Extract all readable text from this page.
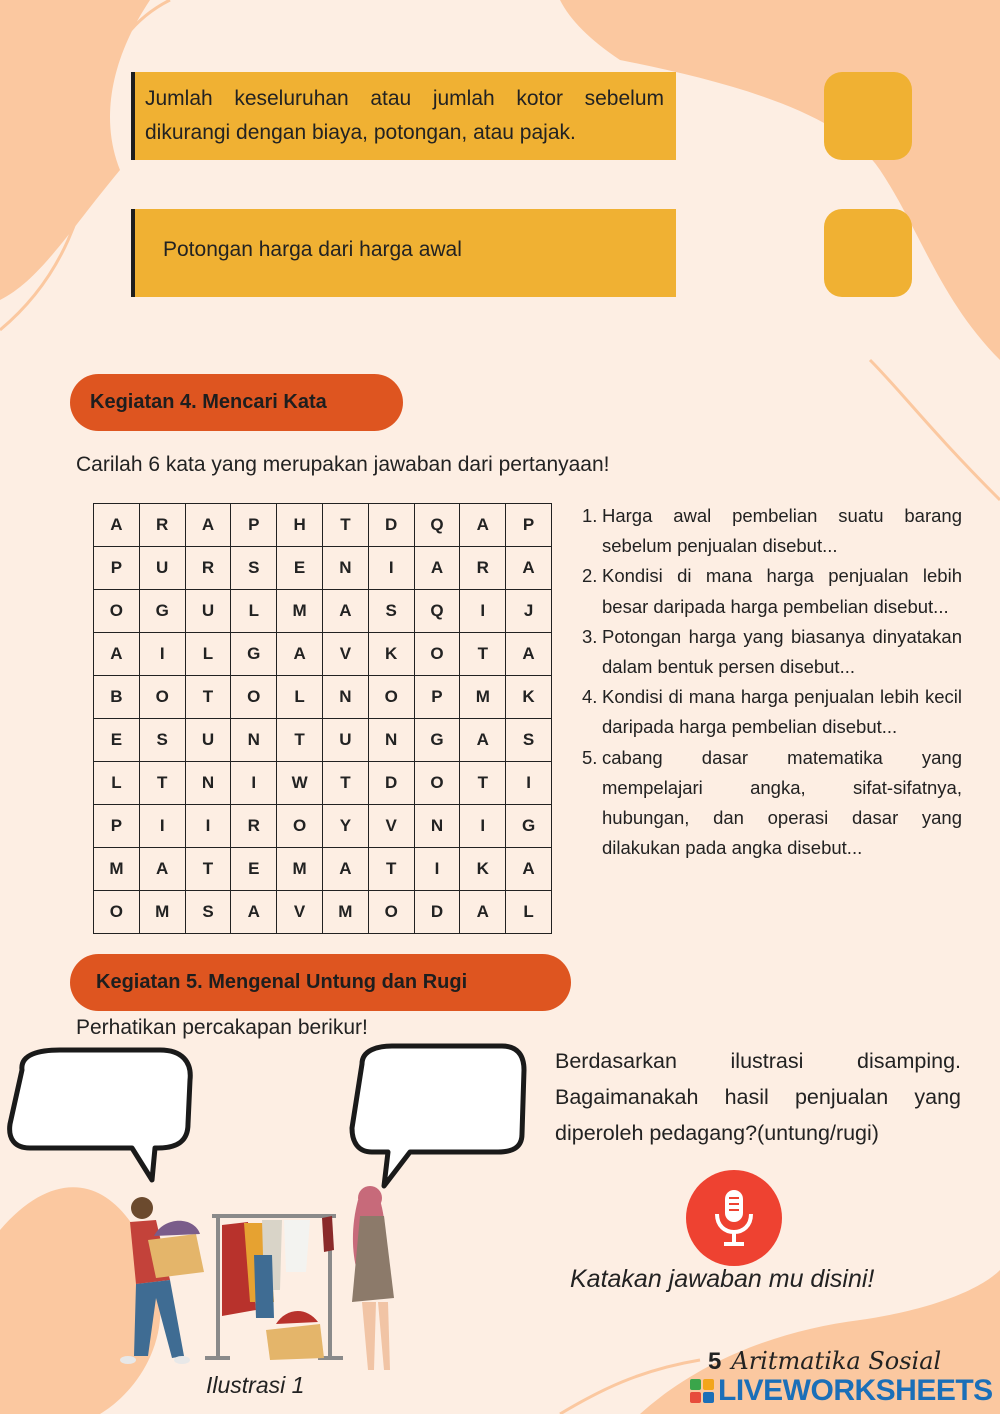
Jumlah keseluruhan atau jumlah kotor sebelum dikurangi dengan biaya, potongan, atau pajak.
Potongan harga dari harga awal
Kegiatan 4. Mencari Kata
Carilah 6 kata yang merupakan jawaban dari pertanyaan!
A	R	A	P	H	T	D	Q	A	P
P	U	R	S	E	N	I	A	R	A
O	G	U	L	M	A	S	Q	I	J
A	I	L	G	A	V	K	O	T	A
B	O	T	O	L	N	O	P	M	K
E	S	U	N	T	U	N	G	A	S
L	T	N	I	W	T	D	O	T	I
P	I	I	R	O	Y	V	N	I	G
M	A	T	E	M	A	T	I	K	A
O	M	S	A	V	M	O	D	A	L
1. Harga awal pembelian suatu barang sebelum penjualan disebut...
2. Kondisi di mana harga penjualan lebih besar daripada harga pembelian disebut...
3. Potongan harga yang biasanya dinyatakan dalam bentuk persen disebut...
4. Kondisi di mana harga penjualan lebih kecil daripada harga pembelian disebut...
5. cabang dasar matematika yang mempelajari angka, sifat-sifatnya, hubungan, dan operasi dasar yang dilakukan pada angka disebut...
Kegiatan 5. Mengenal Untung dan Rugi
Perhatikan percakapan berikur!
Ilustrasi 1
Berdasarkan ilustrasi disamping. Bagaimanakah hasil penjualan yang diperoleh pedagang?(untung/rugi)
Katakan jawaban mu disini!
5 Aritmatika Sosial
LIVEWORKSHEETS
